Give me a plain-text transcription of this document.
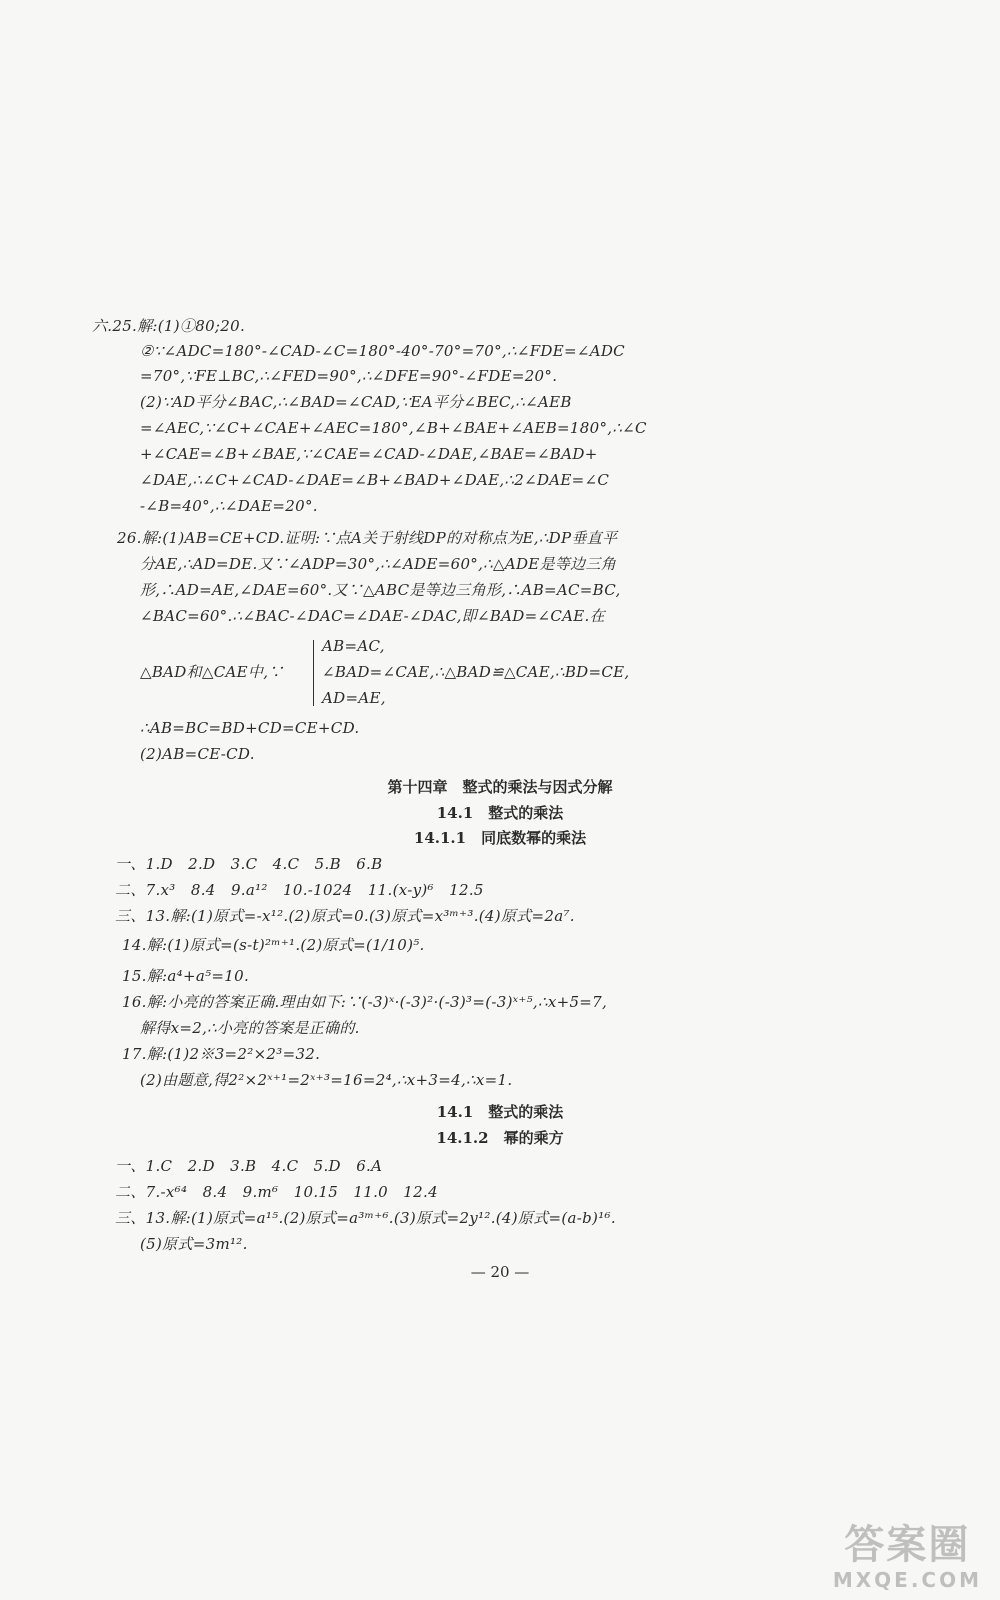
六.25.解:(1)①80;20.
②∵∠ADC=180°-∠CAD-∠C=180°-40°-70°=70°,∴∠FDE=∠ADC
=70°,∵FE⊥BC,∴∠FED=90°,∴∠DFE=90°-∠FDE=20°.
(2)∵AD平分∠BAC,∴∠BAD=∠CAD,∵EA平分∠BEC,∴∠AEB
=∠AEC,∵∠C+∠CAE+∠AEC=180°,∠B+∠BAE+∠AEB=180°,∴∠C
+∠CAE=∠B+∠BAE,∵∠CAE=∠CAD-∠DAE,∠BAE=∠BAD+
∠DAE,∴∠C+∠CAD-∠DAE=∠B+∠BAD+∠DAE,∴2∠DAE=∠C
-∠B=40°,∴∠DAE=20°.
26.解:(1)AB=CE+CD.证明:∵点A关于射线DP的对称点为E,∴DP垂直平
分AE,∴AD=DE.又∵∠ADP=30°,∴∠ADE=60°,∴△ADE是等边三角
形,∴AD=AE,∠DAE=60°.又∵△ABC是等边三角形,∴AB=AC=BC,
∠BAC=60°.∴∠BAC-∠DAC=∠DAE-∠DAC,即∠BAD=∠CAE.在
AB=AC,
△BAD和△CAE中,∵	∠BAD=∠CAE,∴△BAD≌△CAE,∴BD=CE,
AD=AE,
∴AB=BC=BD+CD=CE+CD.
(2)AB=CE-CD.
第十四章　整式的乘法与因式分解
14.1　整式的乘法
14.1.1　同底数幂的乘法
一、1.D　2.D　3.C　4.C　5.B　6.B
二、7.x³　8.4　9.a¹²　10.-1024　11.(x-y)⁶　12.5
三、13.解:(1)原式=-x¹².(2)原式=0.(3)原式=x³ᵐ⁺³.(4)原式=2a⁷.
14.解:(1)原式=(s-t)²ᵐ⁺¹.(2)原式=(1/10)⁵.
15.解:a⁴+a⁵=10.
16.解:小亮的答案正确.理由如下:∵(-3)ˣ·(-3)²·(-3)³=(-3)ˣ⁺⁵,∴x+5=7,
解得x=2,∴小亮的答案是正确的.
17.解:(1)2※3=2²×2³=32.
(2)由题意,得2²×2ˣ⁺¹=2ˣ⁺³=16=2⁴,∴x+3=4,∴x=1.
14.1　整式的乘法
14.1.2　幂的乘方
一、1.C　2.D　3.B　4.C　5.D　6.A
二、7.-x⁶⁴　8.4　9.m⁶　10.15　11.0　12.4
三、13.解:(1)原式=a¹⁵.(2)原式=a³ᵐ⁺⁶.(3)原式=2y¹².(4)原式=(a-b)¹⁶.
(5)原式=3m¹².
— 20 —
答案圈
MXQE.COM
